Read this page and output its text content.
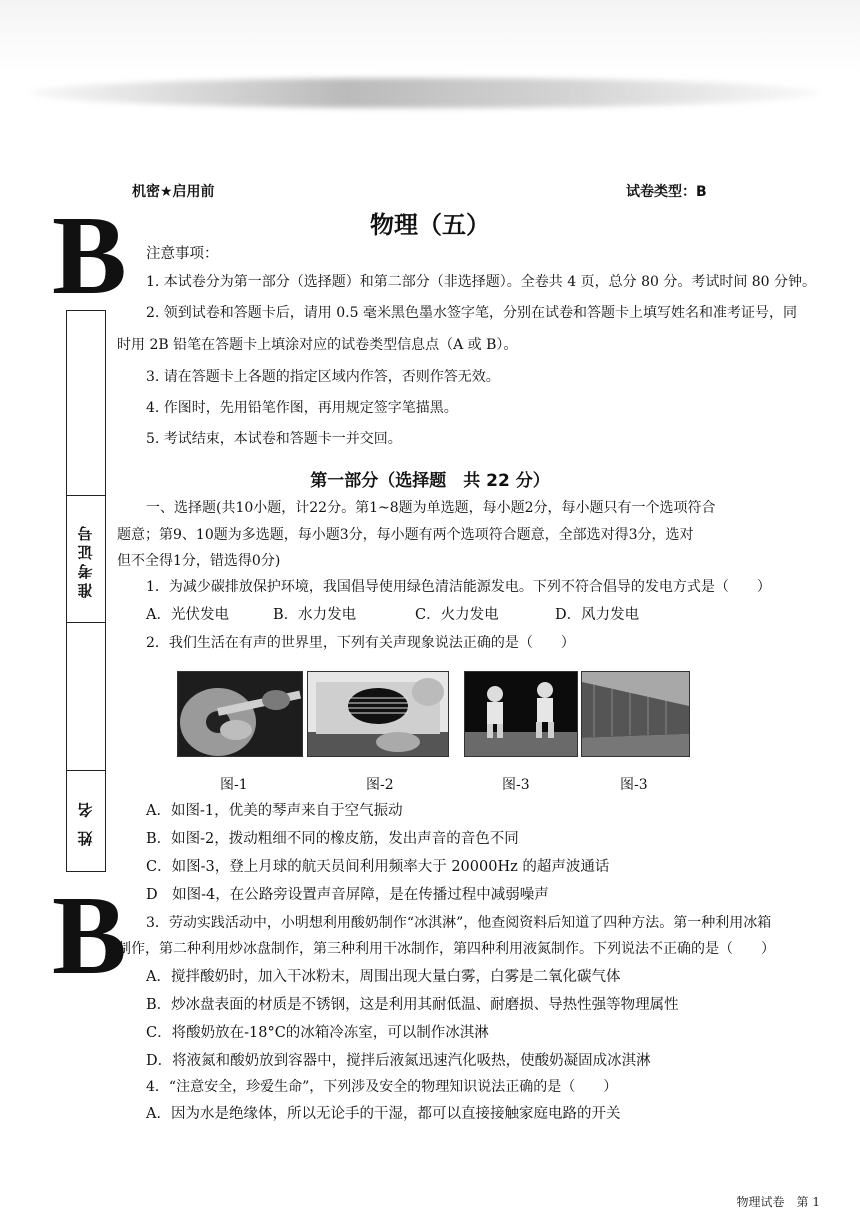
B
B
准考证号
姓 名
机密★启用前	试卷类型：B
物理（五）
注意事项：
1. 本试卷分为第一部分（选择题）和第二部分（非选择题）。全卷共 4 页，总分 80 分。考试时间 80 分钟。
2. 领到试卷和答题卡后，请用 0.5 毫米黑色墨水签字笔，分别在试卷和答题卡上填写姓名和准考证号，同
时用 2B 铅笔在答题卡上填涂对应的试卷类型信息点（A 或 B）。
3. 请在答题卡上各题的指定区域内作答，否则作答无效。
4. 作图时，先用铅笔作图，再用规定签字笔描黑。
5. 考试结束，本试卷和答题卡一并交回。
第一部分（选择题　共 22 分）
一、选择题(共10小题，计22分。第1~8题为单选题，每小题2分，每小题只有一个选项符合
题意；第9、10题为多选题，每小题3分，每小题有两个选项符合题意，全部选对得3分，选对
但不全得1分，错选得0分)
1．为减少碳排放保护环境，我国倡导使用绿色清洁能源发电。下列不符合倡导的发电方式是（　　）
A．光伏发电	B．水力发电	C．火力发电	D．风力发电
2．我们生活在有声的世界里，下列有关声现象说法正确的是（　　）
图-1	图-2	图-3	图-3
A．如图-1，优美的琴声来自于空气振动
B．如图-2，拨动粗细不同的橡皮筋，发出声音的音色不同
C．如图-3，登上月球的航天员间利用频率大于 20000Hz 的超声波通话
D　如图-4，在公路旁设置声音屏障，是在传播过程中减弱噪声
3．劳动实践活动中，小明想利用酸奶制作“冰淇淋”，他查阅资料后知道了四种方法。第一种利用冰箱
制作，第二种利用炒冰盘制作，第三种利用干冰制作，第四种利用液氮制作。下列说法不正确的是（　　）
A．搅拌酸奶时，加入干冰粉末，周围出现大量白雾，白雾是二氧化碳气体
B．炒冰盘表面的材质是不锈钢，这是利用其耐低温、耐磨损、导热性强等物理属性
C．将酸奶放在-18°C的冰箱冷冻室，可以制作冰淇淋
D．将液氮和酸奶放到容器中，搅拌后液氮迅速汽化吸热，使酸奶凝固成冰淇淋
4．“注意安全，珍爱生命”，下列涉及安全的物理知识说法正确的是（　　）
A．因为水是绝缘体，所以无论手的干湿，都可以直接接触家庭电路的开关
物理试卷　第 1
